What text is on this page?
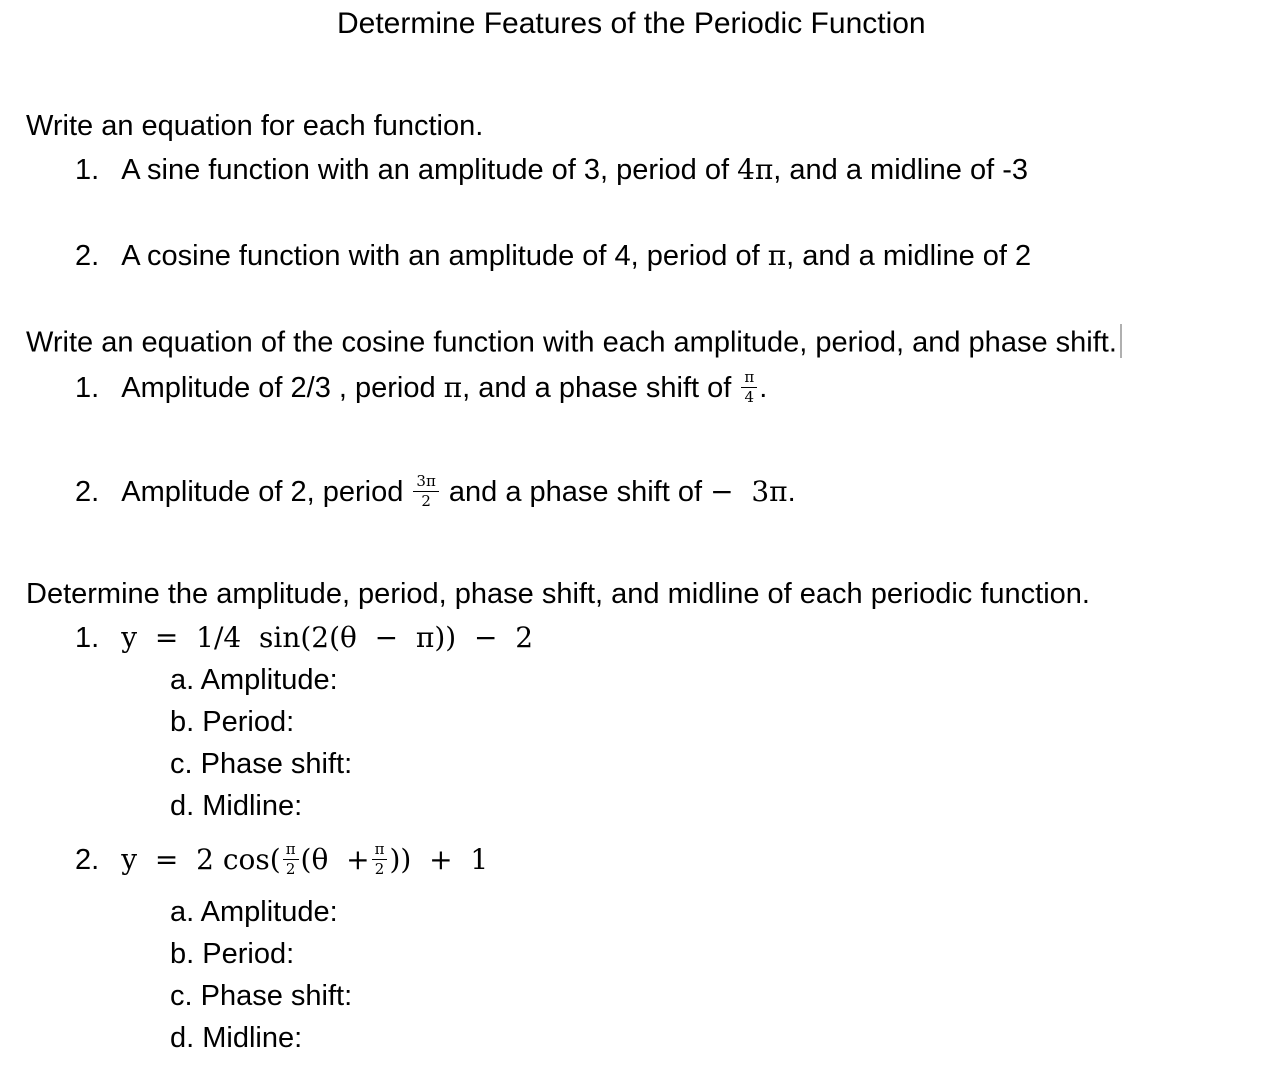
Determine Features of the Periodic Function
Write an equation for each function.
1. A sine function with an amplitude of 3, period of 4π, and a midline of -3
2. A cosine function with an amplitude of 4, period of π, and a midline of 2
Write an equation of the cosine function with each amplitude, period, and phase shift.
1. Amplitude of 2/3 , period π, and a phase shift of $\frac{\pi}{4}$ .
2. Amplitude of 2, period $\frac{3\pi}{2}$ and a phase shift of −  3π.
Determine the amplitude, period, phase shift, and midline of each periodic function.
1. y  =  1/4  sin(2(θ  −  π))  −  2
a. Amplitude:
b. Period:
c. Phase shift:
d. Midline:
2. y  =  2 $\cos( \frac{\pi}{2} (\theta + \frac{\pi}{2}$ ))  +  1
a. Amplitude:
b. Period:
c. Phase shift:
d. Midline:
